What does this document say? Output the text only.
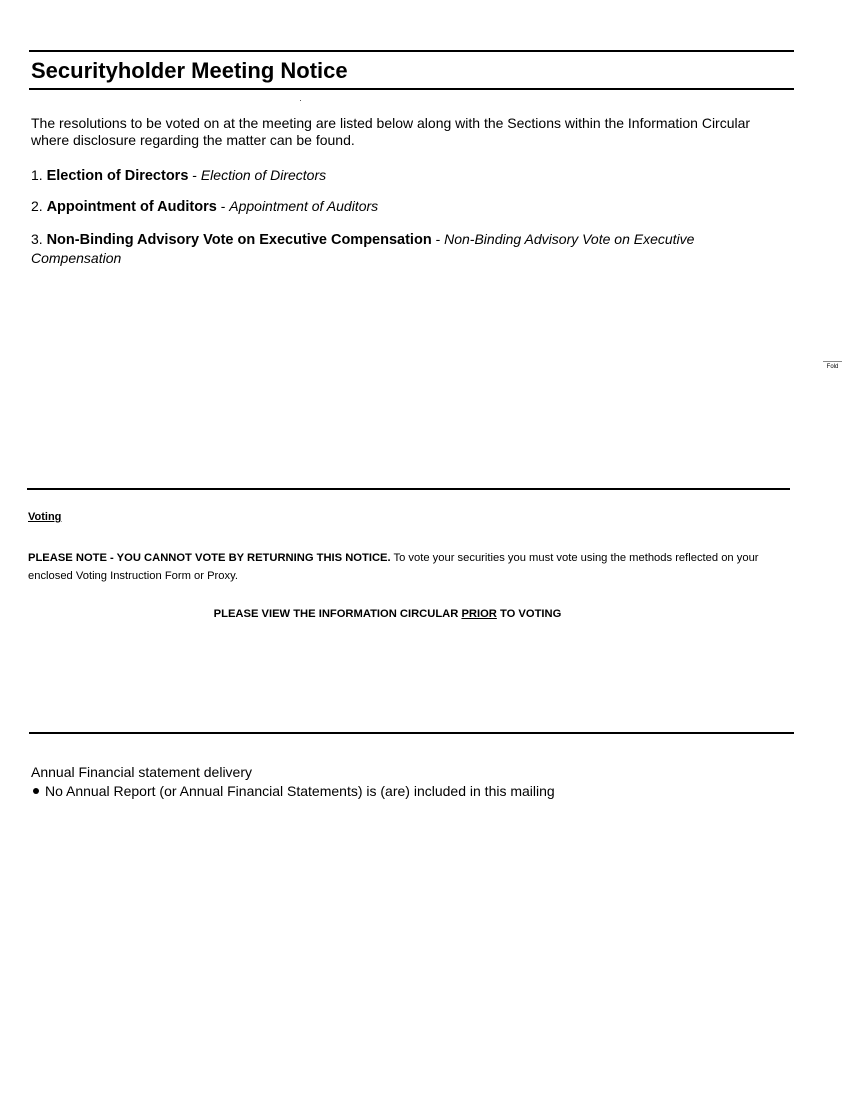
Securityholder Meeting Notice
The resolutions to be voted on at the meeting are listed below along with the Sections within the Information Circular where disclosure regarding the matter can be found.
1. Election of Directors - Election of Directors
2. Appointment of Auditors - Appointment of Auditors
3. Non-Binding Advisory Vote on Executive Compensation - Non-Binding Advisory Vote on Executive Compensation
Fold
Voting
PLEASE NOTE - YOU CANNOT VOTE BY RETURNING THIS NOTICE. To vote your securities you must vote using the methods reflected on your enclosed Voting Instruction Form or Proxy.
PLEASE VIEW THE INFORMATION CIRCULAR PRIOR TO VOTING
Annual Financial statement delivery
No Annual Report (or Annual Financial Statements) is (are) included in this mailing
